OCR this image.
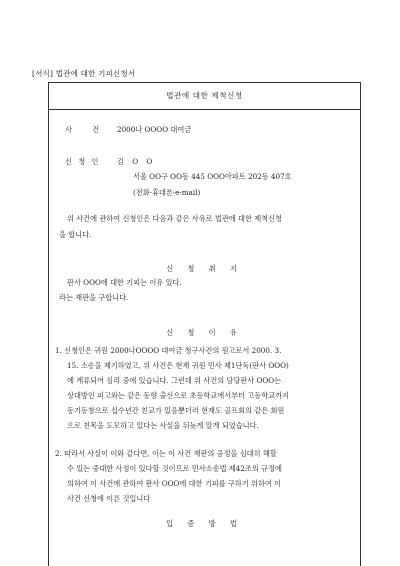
[서식] 법관에 대한 기피신청서
법관에 대한 제척신청
사 건 2000나 OOOO 대여금
신 청 인 김 O O
서울 OO구 OO동 445 OOO아파트 202동 407호
(전화·휴대폰·e-mail)
위 사건에 관하여 신청인은 다음과 같은 사유로 법관에 대한 제척신청
을 합니다.
신 청 취 지
판사 OOO에 대한 기피는 이유 있다.
라는 재판을 구합니다.
신 청 이 유
1. 신청인은 귀원 2000나OOOO 대여금 청구사건의 원고로서 2000. 3.
15. 소송을 제기하였고, 위 사건은 현재 귀원 민사 제1단독(판사 OOO)
에 계류되어 심리 중에 있습니다. 그런데 위 사건의 담당판사 OOO는
상대방인 피고와는 같은 동향 출신으로 초등학교에서부터 고등학교까지
동기동창으로 십수년간 친교가 있음뿐더러 현재도 골프회의 같은 회원
으로 친목을 도모하고 있다는 사실을 뒤늦게 알게 되었습니다.
2. 따라서 사실이 이와 같다면, 이는 이 사건 재판의 공정을 심대히 해할
수 있는 중대한 사정이 있다할 것이므로 민사소송법 제42조의 규정에
의하여 이 사건에 관하여 판사 OOO에 대한 기피를 구하기 위하여 이
사건 신청에 이른 것입니다
입 증 방 법
